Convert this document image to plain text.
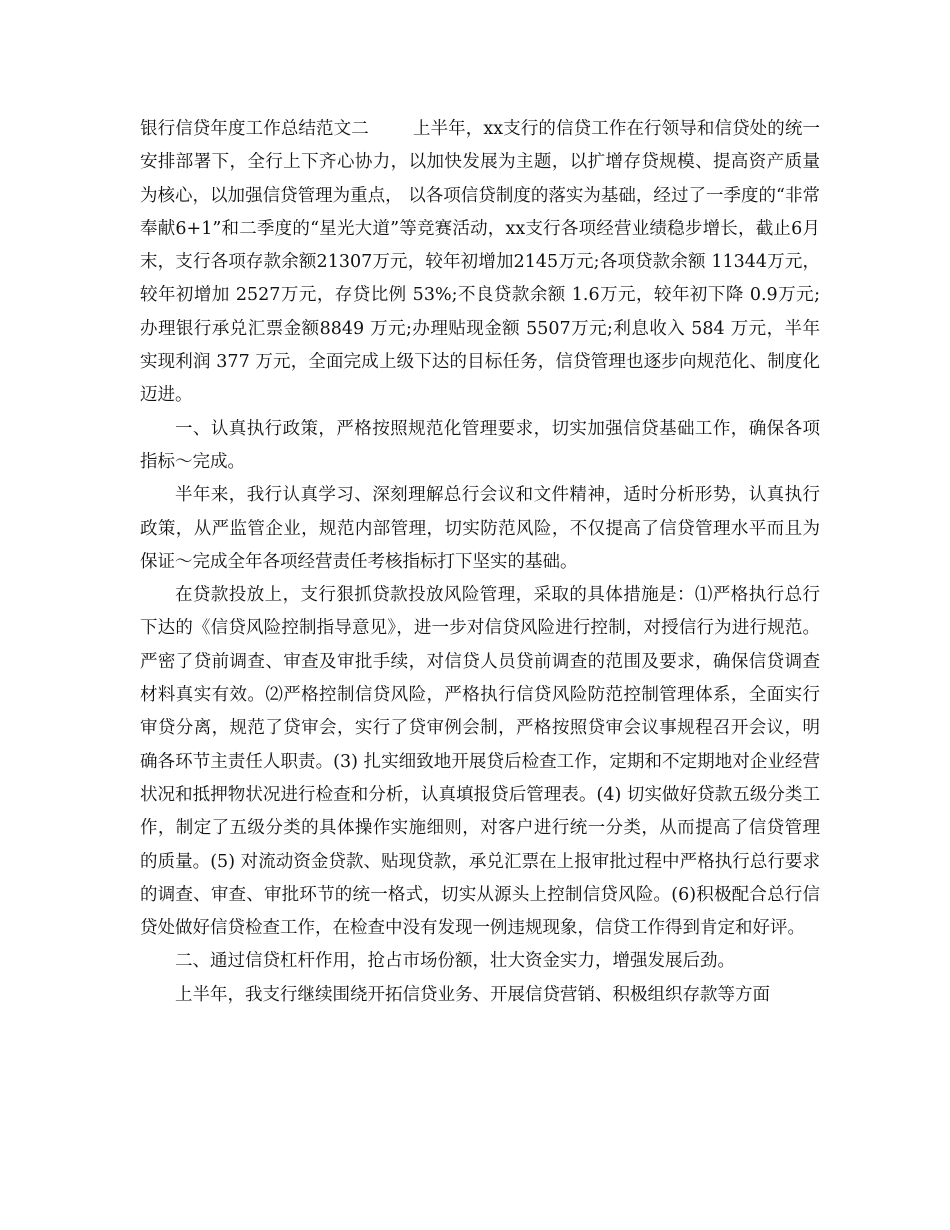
银行信贷年度工作总结范文二	上半年，xx支行的信贷工作在行领导和信贷处的统一安排部署下，全行上下齐心协力，以加快发展为主题，以扩增存贷规模、提高资产质量为核心，以加强信贷管理为重点， 以各项信贷制度的落实为基础，经过了一季度的“非常奉献6+1”和二季度的“星光大道”等竞赛活动，xx支行各项经营业绩稳步增长，截止6月末，支行各项存款余额21307万元，较年初增加2145万元;各项贷款余额 11344万元，较年初增加 2527万元，存贷比例 53%;不良贷款余额 1.6万元，较年初下降 0.9万元;办理银行承兑汇票金额8849 万元;办理贴现金额 5507万元;利息收入 584 万元，半年实现利润 377 万元，全面完成上级下达的目标任务，信贷管理也逐步向规范化、制度化迈进。

一、认真执行政策，严格按照规范化管理要求，切实加强信贷基础工作，确保各项指标～完成。

半年来，我行认真学习、深刻理解总行会议和文件精神，适时分析形势，认真执行政策，从严监管企业，规范内部管理，切实防范风险，不仅提高了信贷管理水平而且为保证～完成全年各项经营责任考核指标打下坚实的基础。

在贷款投放上，支行狠抓贷款投放风险管理，采取的具体措施是：⑴严格执行总行下达的《信贷风险控制指导意见》，进一步对信贷风险进行控制，对授信行为进行规范。严密了贷前调查、审查及审批手续，对信贷人员贷前调查的范围及要求，确保信贷调查材料真实有效。⑵严格控制信贷风险，严格执行信贷风险防范控制管理体系，全面实行审贷分离，规范了贷审会，实行了贷审例会制，严格按照贷审会议事规程召开会议，明确各环节主责任人职责。(3) 扎实细致地开展贷后检查工作，定期和不定期地对企业经营状况和抵押物状况进行检查和分析，认真填报贷后管理表。(4) 切实做好贷款五级分类工作，制定了五级分类的具体操作实施细则，对客户进行统一分类，从而提高了信贷管理的质量。(5) 对流动资金贷款、贴现贷款，承兑汇票在上报审批过程中严格执行总行要求的调查、审查、审批环节的统一格式，切实从源头上控制信贷风险。(6)积极配合总行信贷处做好信贷检查工作，在检查中没有发现一例违规现象，信贷工作得到肯定和好评。

二、通过信贷杠杆作用，抢占市场份额，壮大资金实力，增强发展后劲。

上半年，我支行继续围绕开拓信贷业务、开展信贷营销、积极组织存款等方面
